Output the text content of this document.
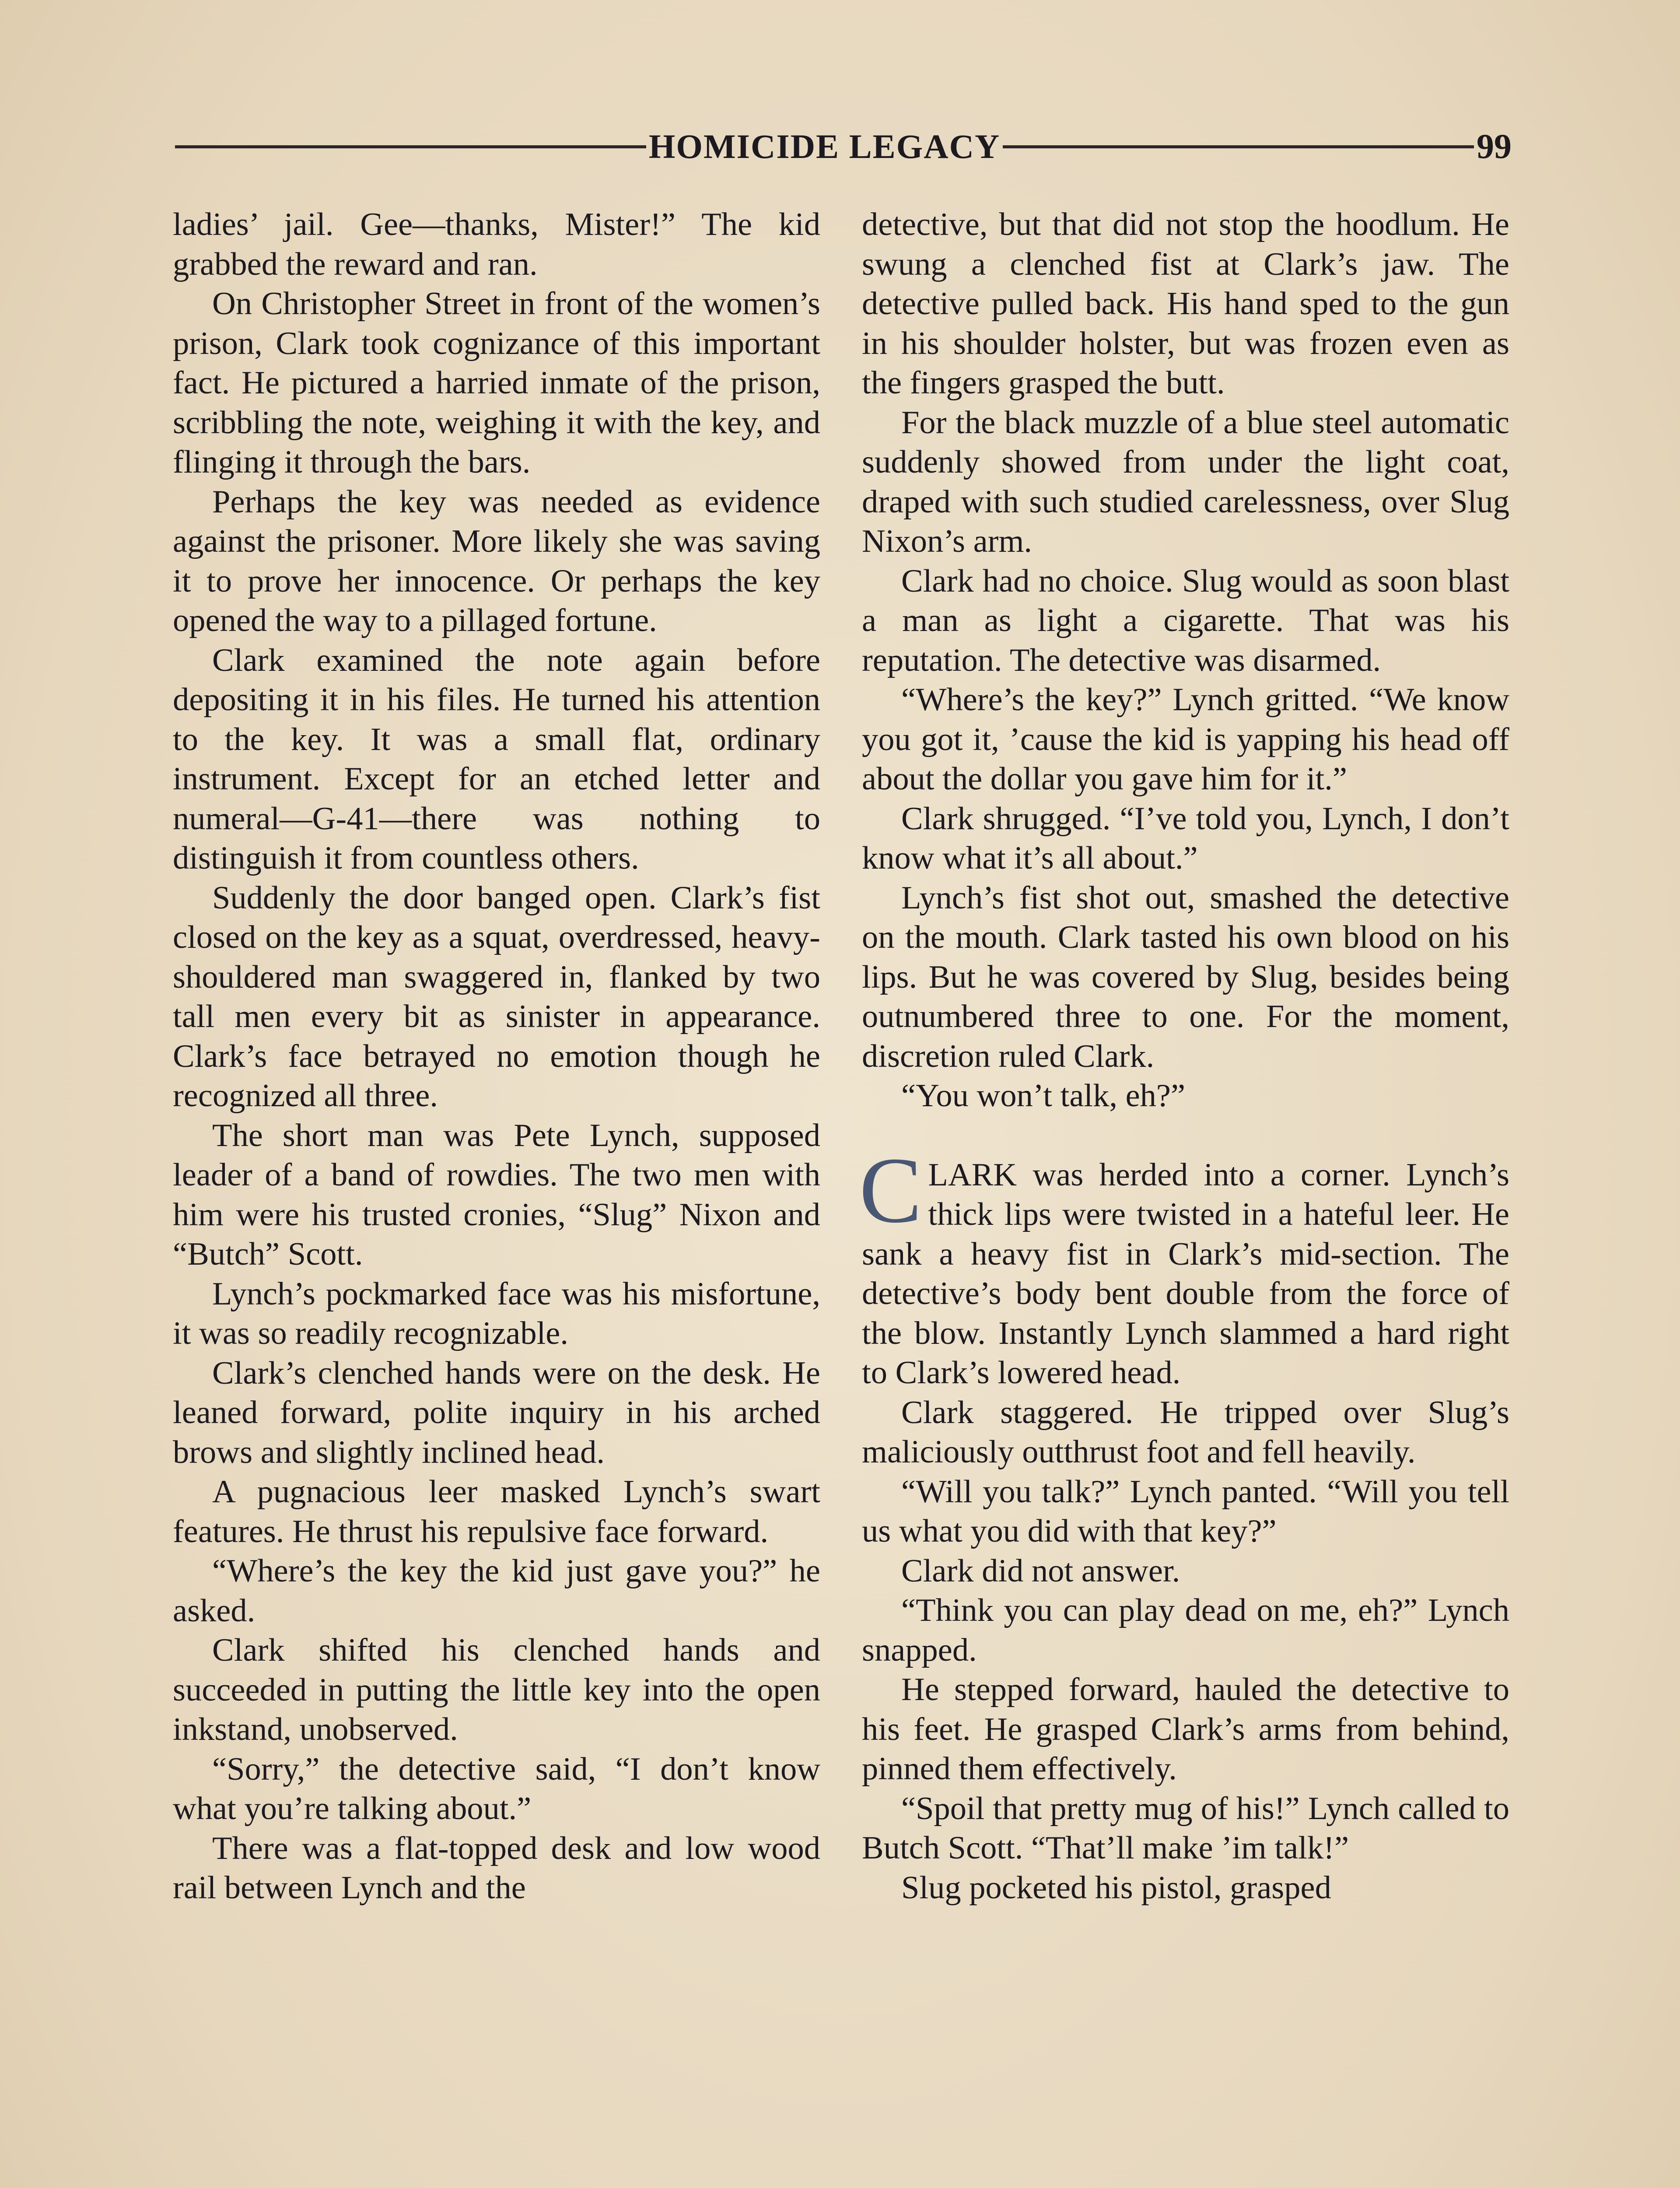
HOMICIDE LEGACY	99

ladies’ jail. Gee—thanks, Mister!” The kid grabbed the reward and ran.

On Christopher Street in front of the women’s prison, Clark took cognizance of this important fact. He pictured a harried inmate of the prison, scribbling the note, weighing it with the key, and flinging it through the bars.

Perhaps the key was needed as evidence against the prisoner. More likely she was saving it to prove her innocence. Or perhaps the key opened the way to a pillaged fortune.

Clark examined the note again before depositing it in his files. He turned his attention to the key. It was a small flat, ordinary instrument. Except for an etched letter and numeral—G-41—there was nothing to distinguish it from countless others.

Suddenly the door banged open. Clark’s fist closed on the key as a squat, overdressed, heavy-shouldered man swaggered in, flanked by two tall men every bit as sinister in appearance. Clark’s face betrayed no emotion though he recognized all three.

The short man was Pete Lynch, supposed leader of a band of rowdies. The two men with him were his trusted cronies, “Slug” Nixon and “Butch” Scott.

Lynch’s pockmarked face was his misfortune, it was so readily recognizable.

Clark’s clenched hands were on the desk. He leaned forward, polite inquiry in his arched brows and slightly inclined head.

A pugnacious leer masked Lynch’s swart features. He thrust his repulsive face forward.

“Where’s the key the kid just gave you?” he asked.

Clark shifted his clenched hands and succeeded in putting the little key into the open inkstand, unobserved.

“Sorry,” the detective said, “I don’t know what you’re talking about.”

There was a flat-topped desk and low wood rail between Lynch and the

detective, but that did not stop the hoodlum. He swung a clenched fist at Clark’s jaw. The detective pulled back. His hand sped to the gun in his shoulder holster, but was frozen even as the fingers grasped the butt.

For the black muzzle of a blue steel automatic suddenly showed from under the light coat, draped with such studied carelessness, over Slug Nixon’s arm.

Clark had no choice. Slug would as soon blast a man as light a cigarette. That was his reputation. The detective was disarmed.

“Where’s the key?” Lynch gritted. “We know you got it, ’cause the kid is yapping his head off about the dollar you gave him for it.”

Clark shrugged. “I’ve told you, Lynch, I don’t know what it’s all about.”

Lynch’s fist shot out, smashed the detective on the mouth. Clark tasted his own blood on his lips. But he was covered by Slug, besides being outnumbered three to one. For the moment, discretion ruled Clark.

“You won’t talk, eh?”

CLARK was herded into a corner. Lynch’s thick lips were twisted in a hateful leer. He sank a heavy fist in Clark’s mid-section. The detective’s body bent double from the force of the blow. Instantly Lynch slammed a hard right to Clark’s lowered head.

Clark staggered. He tripped over Slug’s maliciously outthrust foot and fell heavily.

“Will you talk?” Lynch panted. “Will you tell us what you did with that key?”

Clark did not answer.

“Think you can play dead on me, eh?” Lynch snapped.

He stepped forward, hauled the detective to his feet. He grasped Clark’s arms from behind, pinned them effectively.

“Spoil that pretty mug of his!” Lynch called to Butch Scott. “That’ll make ’im talk!”

Slug pocketed his pistol, grasped
